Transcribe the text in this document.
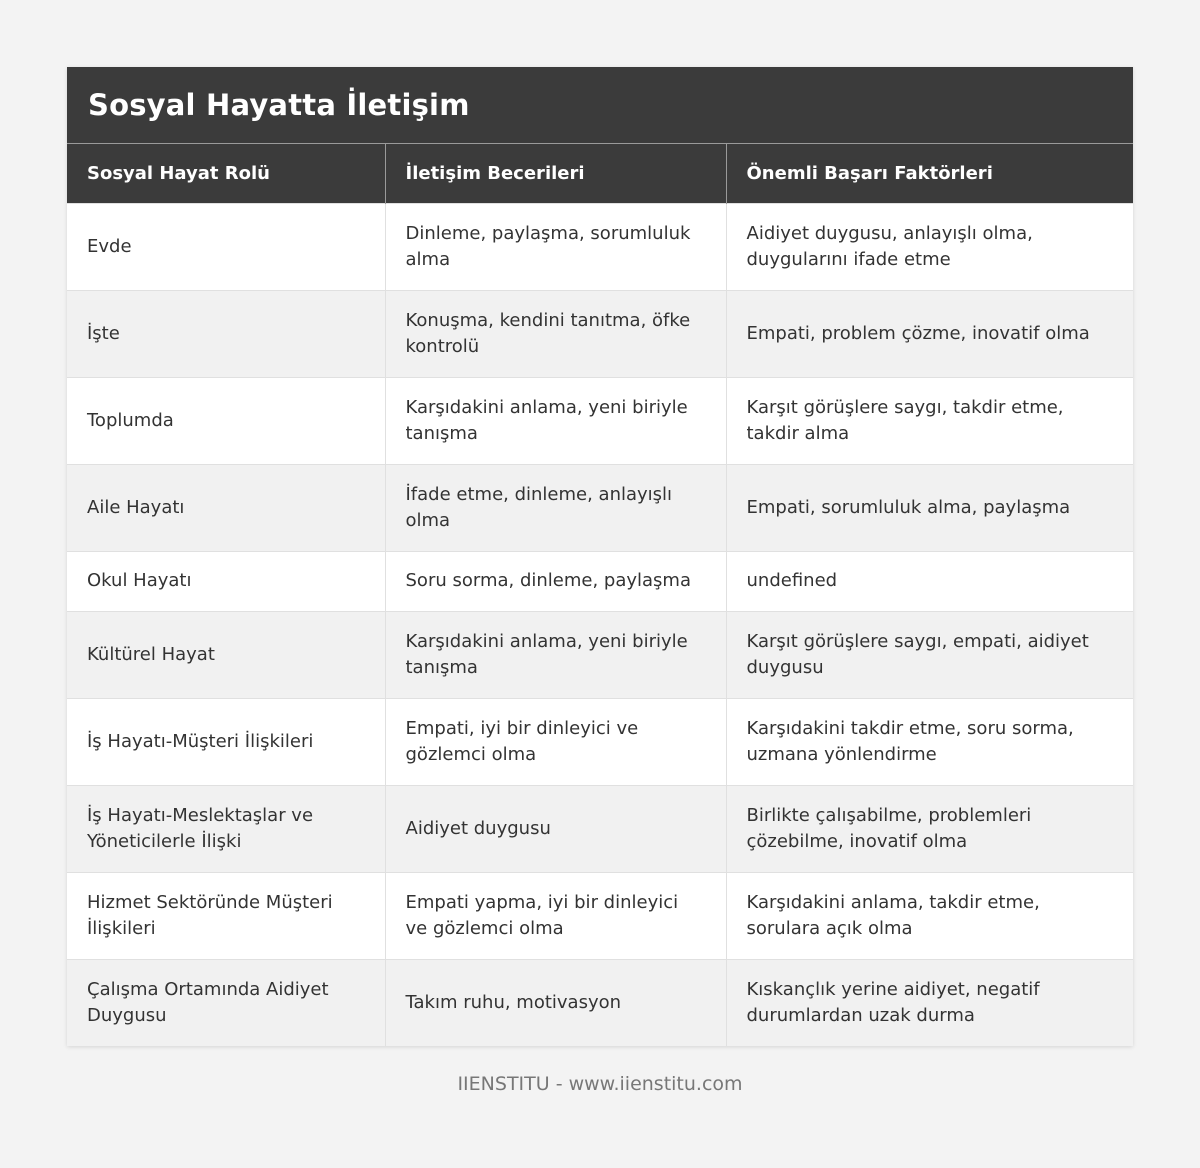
Sosyal Hayatta İletişim
Sosyal Hayat Rolü	İletişim Becerileri	Önemli Başarı Faktörleri
Evde	Dinleme, paylaşma, sorumluluk alma	Aidiyet duygusu, anlayışlı olma, duygularını ifade etme
İşte	Konuşma, kendini tanıtma, öfke kontrolü	Empati, problem çözme, inovatif olma
Toplumda	Karşıdakini anlama, yeni biriyle tanışma	Karşıt görüşlere saygı, takdir etme, takdir alma
Aile Hayatı	İfade etme, dinleme, anlayışlı olma	Empati, sorumluluk alma, paylaşma
Okul Hayatı	Soru sorma, dinleme, paylaşma	undefined
Kültürel Hayat	Karşıdakini anlama, yeni biriyle tanışma	Karşıt görüşlere saygı, empati, aidiyet duygusu
İş Hayatı-Müşteri İlişkileri	Empati, iyi bir dinleyici ve gözlemci olma	Karşıdakini takdir etme, soru sorma, uzmana yönlendirme
İş Hayatı-Meslektaşlar ve Yöneticilerle İlişki	Aidiyet duygusu	Birlikte çalışabilme, problemleri çözebilme, inovatif olma
Hizmet Sektöründe Müşteri İlişkileri	Empati yapma, iyi bir dinleyici ve gözlemci olma	Karşıdakini anlama, takdir etme, sorulara açık olma
Çalışma Ortamında Aidiyet Duygusu	Takım ruhu, motivasyon	Kıskançlık yerine aidiyet, negatif durumlardan uzak durma
IIENSTITU - www.iienstitu.com
